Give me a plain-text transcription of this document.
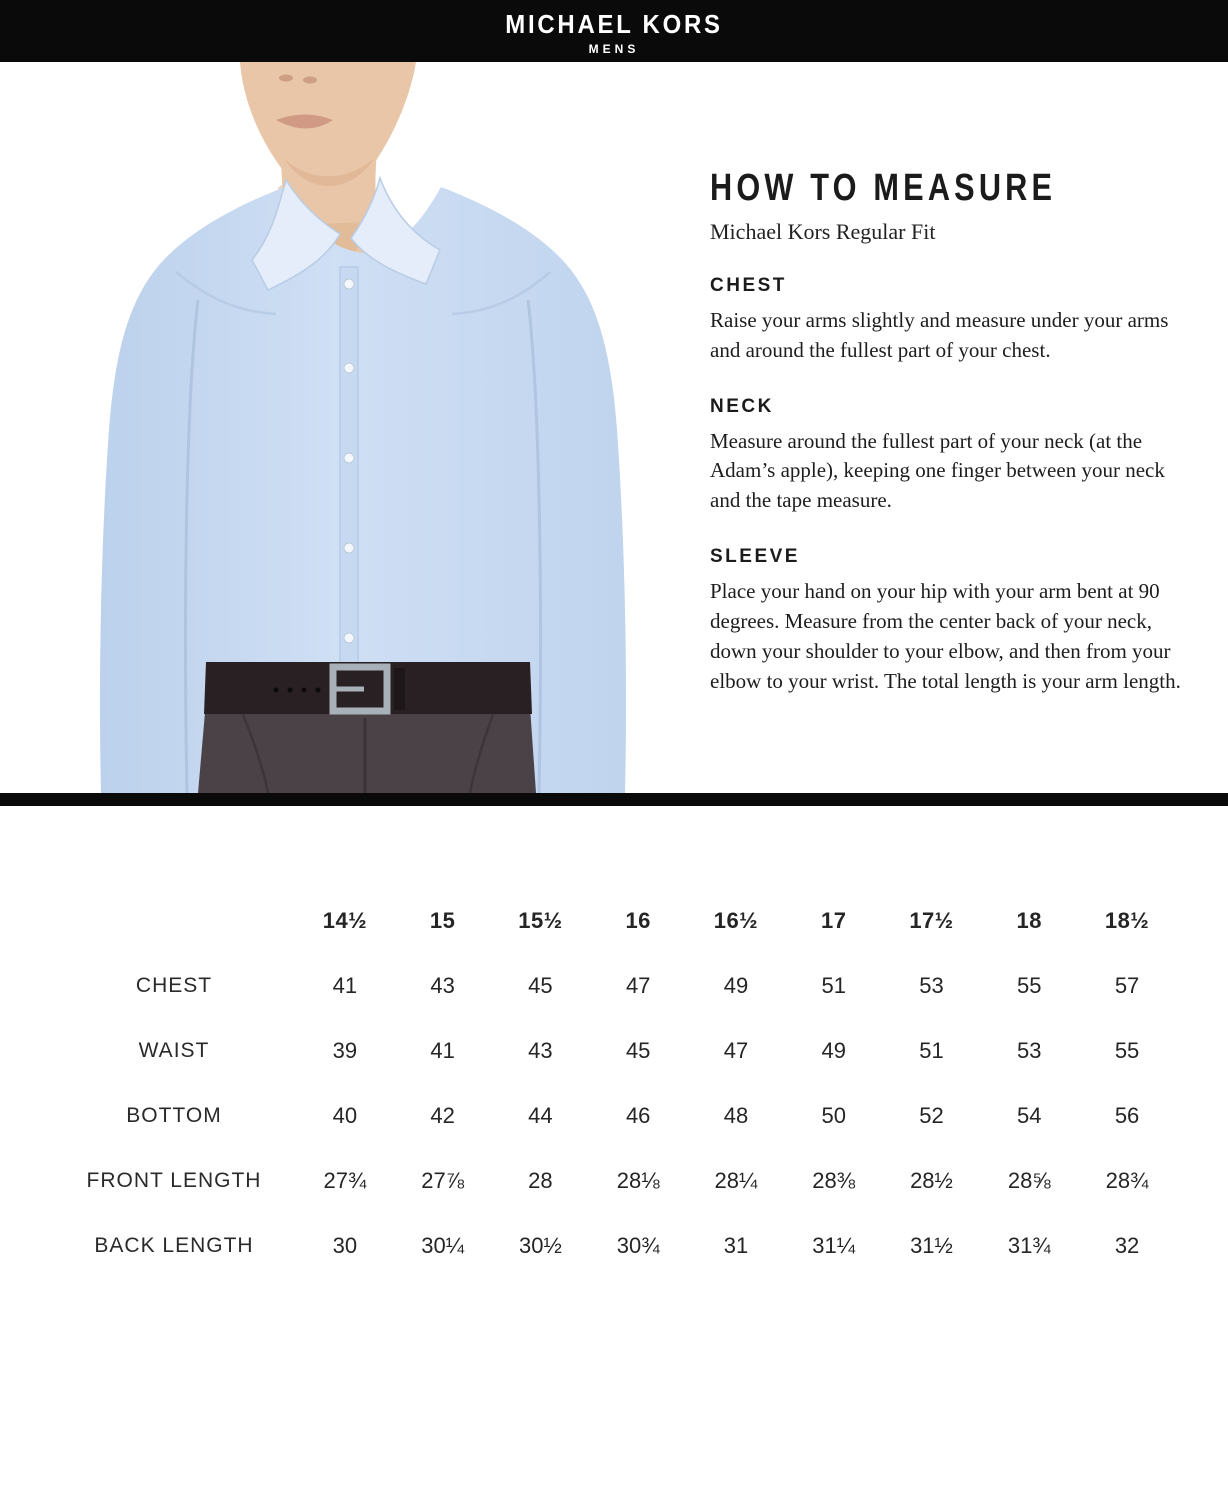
MICHAEL KORS
MENS
HOW TO MEASURE

Michael Kors Regular Fit

CHEST

Raise your arms slightly and measure under your arms and around the fullest part of your chest.

NECK

Measure around the fullest part of your neck (at the Adam’s apple), keeping one finger between your neck and the tape measure.

SLEEVE

Place your hand on your hip with your arm bent at 90 degrees. Measure from the center back of your neck, down your shoulder to your elbow, and then from your elbow to your wrist. The total length is your arm length.

	14½	15	15½	16	16½	17	17½	18	18½
CHEST	41	43	45	47	49	51	53	55	57
WAIST	39	41	43	45	47	49	51	53	55
BOTTOM	40	42	44	46	48	50	52	54	56
FRONT LENGTH	27¾	27⅞	28	28⅛	28¼	28⅜	28½	28⅝	28¾
BACK LENGTH	30	30¼	30½	30¾	31	31¼	31½	31¾	32
